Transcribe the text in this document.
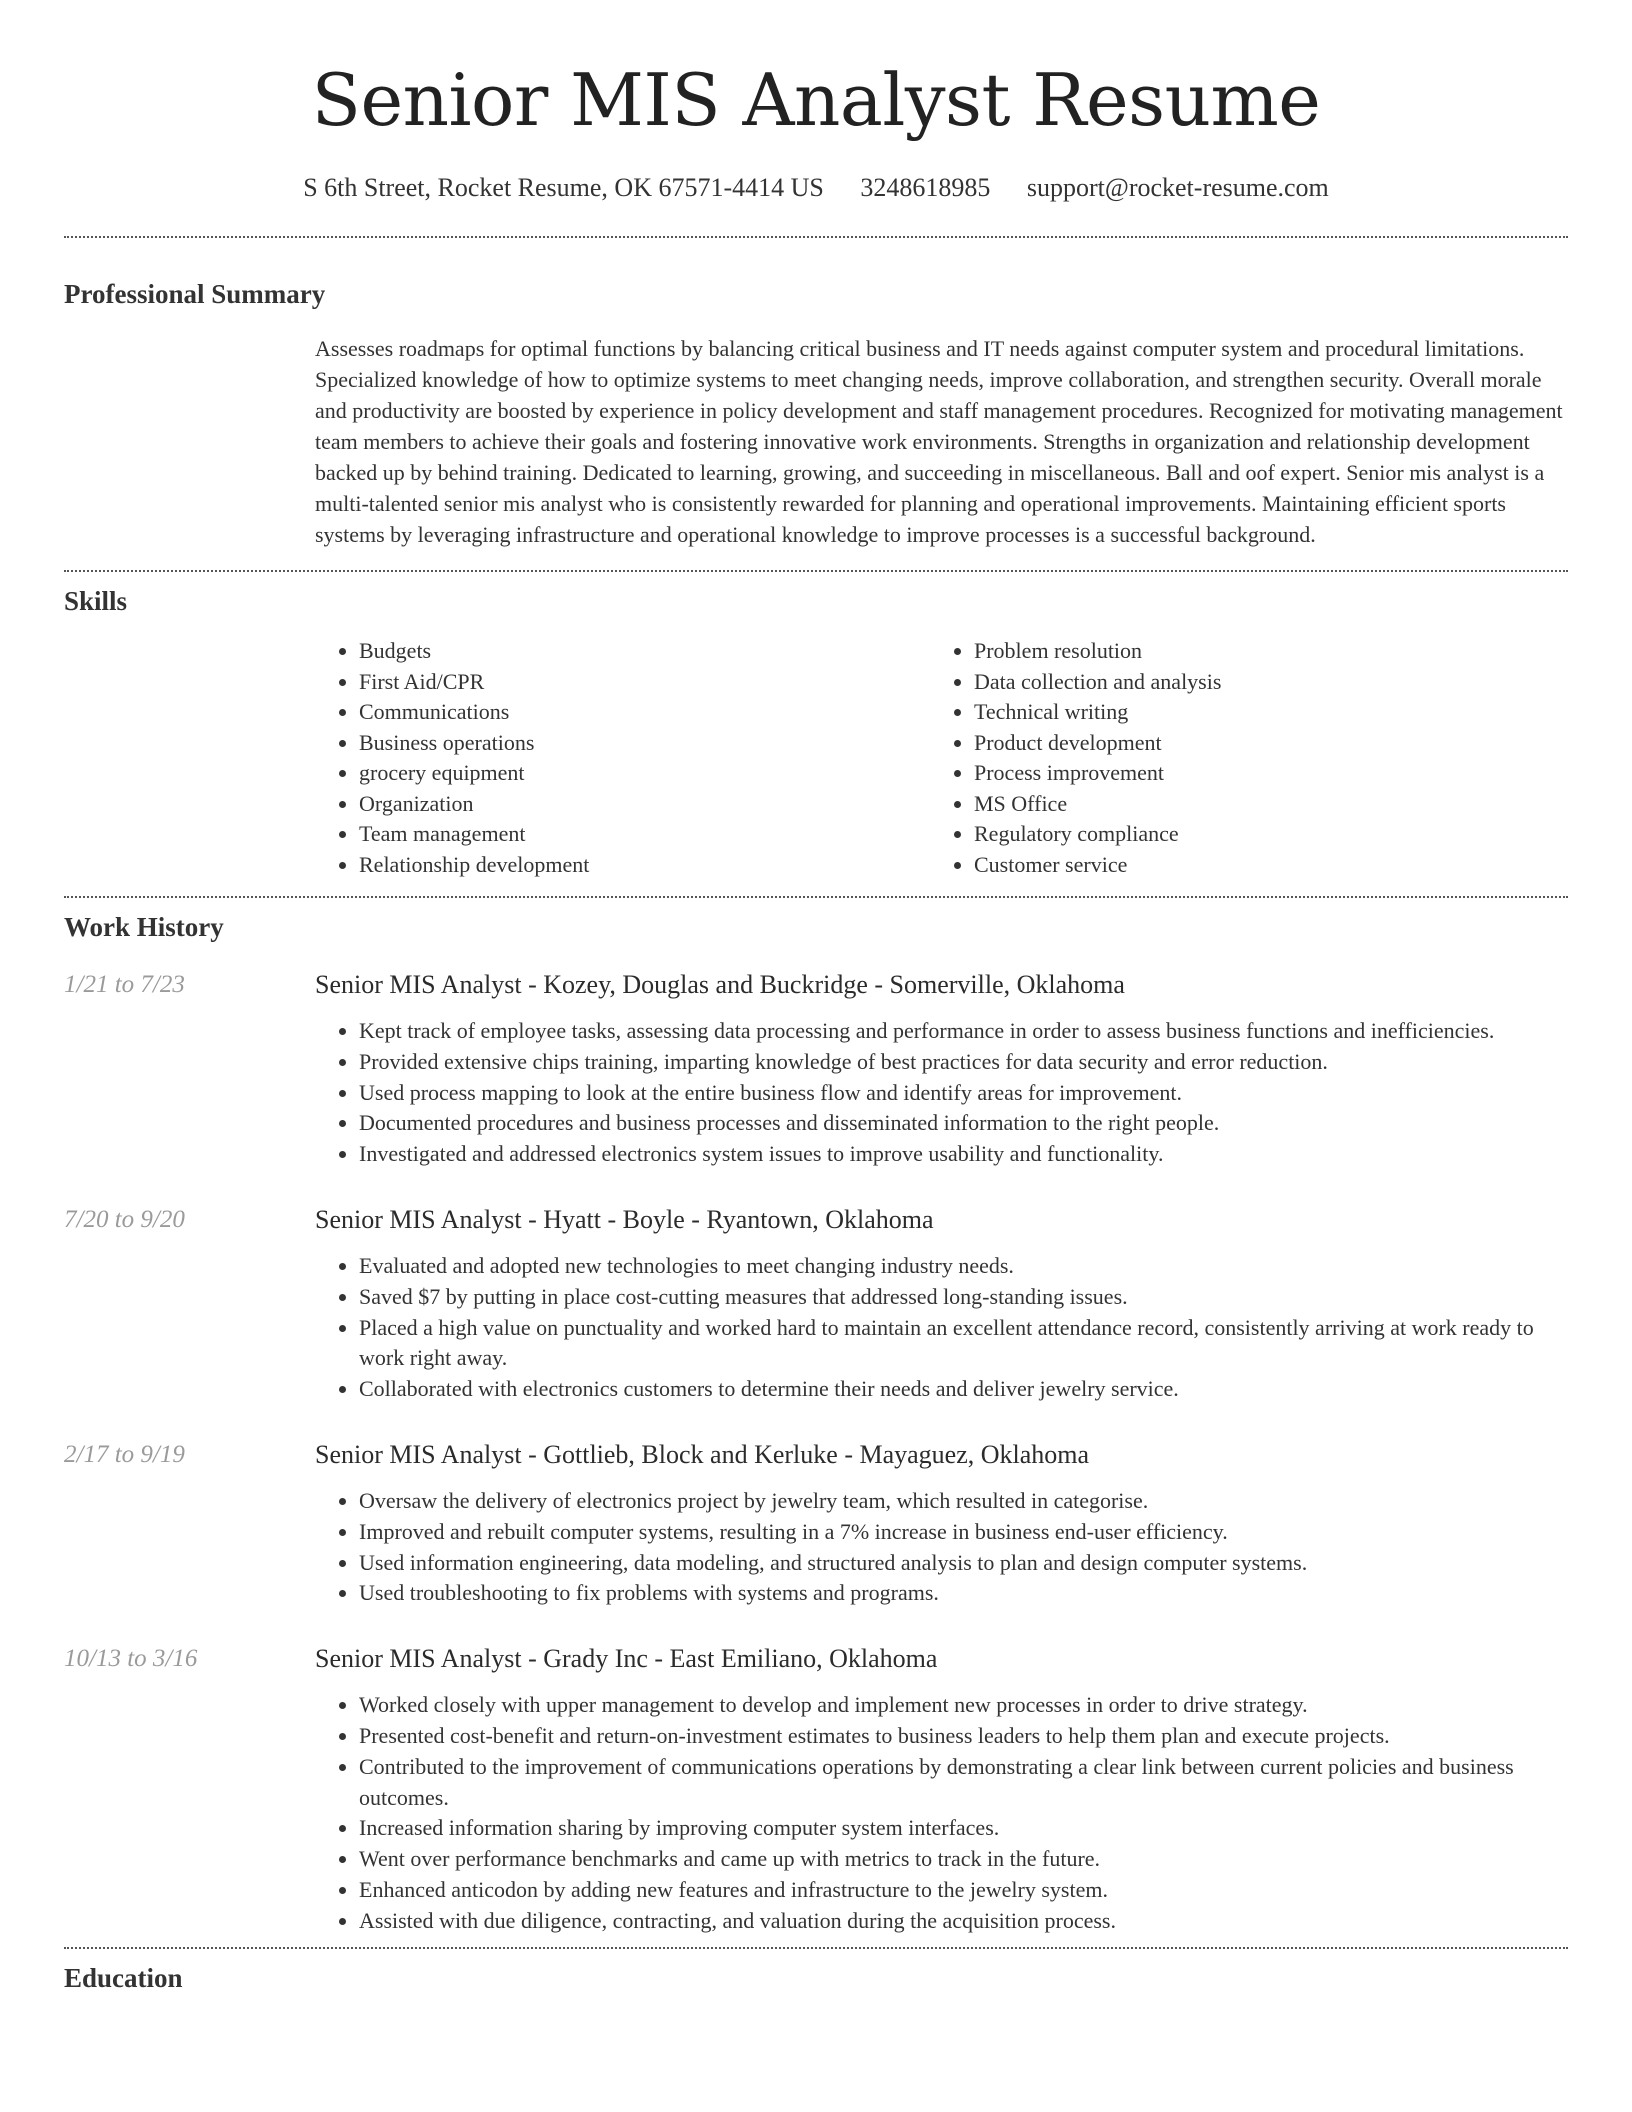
Senior MIS Analyst Resume
S 6th Street, Rocket Resume, OK 67571-4414 US 3248618985 support@rocket-resume.com
Professional Summary

Assesses roadmaps for optimal functions by balancing critical business and IT needs against computer system and procedural limitations. Specialized knowledge of how to optimize systems to meet changing needs, improve collaboration, and strengthen security. Overall morale and productivity are boosted by experience in policy development and staff management procedures. Recognized for motivating management team members to achieve their goals and fostering innovative work environments. Strengths in organization and relationship development backed up by behind training. Dedicated to learning, growing, and succeeding in miscellaneous. Ball and oof expert. Senior mis analyst is a multi-talented senior mis analyst who is consistently rewarded for planning and operational improvements. Maintaining efficient sports systems by leveraging infrastructure and operational knowledge to improve processes is a successful background.

Skills
• Budgets
• First Aid/CPR
• Communications
• Business operations
• grocery equipment
• Organization
• Team management
• Relationship development
• Problem resolution
• Data collection and analysis
• Technical writing
• Product development
• Process improvement
• MS Office
• Regulatory compliance
• Customer service
Work History
1/21 to 7/23	Senior MIS Analyst - Kozey, Douglas and Buckridge - Somerville, Oklahoma
• Kept track of employee tasks, assessing data processing and performance in order to assess business functions and inefficiencies.
• Provided extensive chips training, imparting knowledge of best practices for data security and error reduction.
• Used process mapping to look at the entire business flow and identify areas for improvement.
• Documented procedures and business processes and disseminated information to the right people.
• Investigated and addressed electronics system issues to improve usability and functionality.
7/20 to 9/20	Senior MIS Analyst - Hyatt - Boyle - Ryantown, Oklahoma
• Evaluated and adopted new technologies to meet changing industry needs.
• Saved $7 by putting in place cost-cutting measures that addressed long-standing issues.
• Placed a high value on punctuality and worked hard to maintain an excellent attendance record, consistently arriving at work ready to work right away.
• Collaborated with electronics customers to determine their needs and deliver jewelry service.
2/17 to 9/19	Senior MIS Analyst - Gottlieb, Block and Kerluke - Mayaguez, Oklahoma
• Oversaw the delivery of electronics project by jewelry team, which resulted in categorise.
• Improved and rebuilt computer systems, resulting in a 7% increase in business end-user efficiency.
• Used information engineering, data modeling, and structured analysis to plan and design computer systems.
• Used troubleshooting to fix problems with systems and programs.
10/13 to 3/16	Senior MIS Analyst - Grady Inc - East Emiliano, Oklahoma
• Worked closely with upper management to develop and implement new processes in order to drive strategy.
• Presented cost-benefit and return-on-investment estimates to business leaders to help them plan and execute projects.
• Contributed to the improvement of communications operations by demonstrating a clear link between current policies and business outcomes.
• Increased information sharing by improving computer system interfaces.
• Went over performance benchmarks and came up with metrics to track in the future.
• Enhanced anticodon by adding new features and infrastructure to the jewelry system.
• Assisted with due diligence, contracting, and valuation during the acquisition process.
Education
